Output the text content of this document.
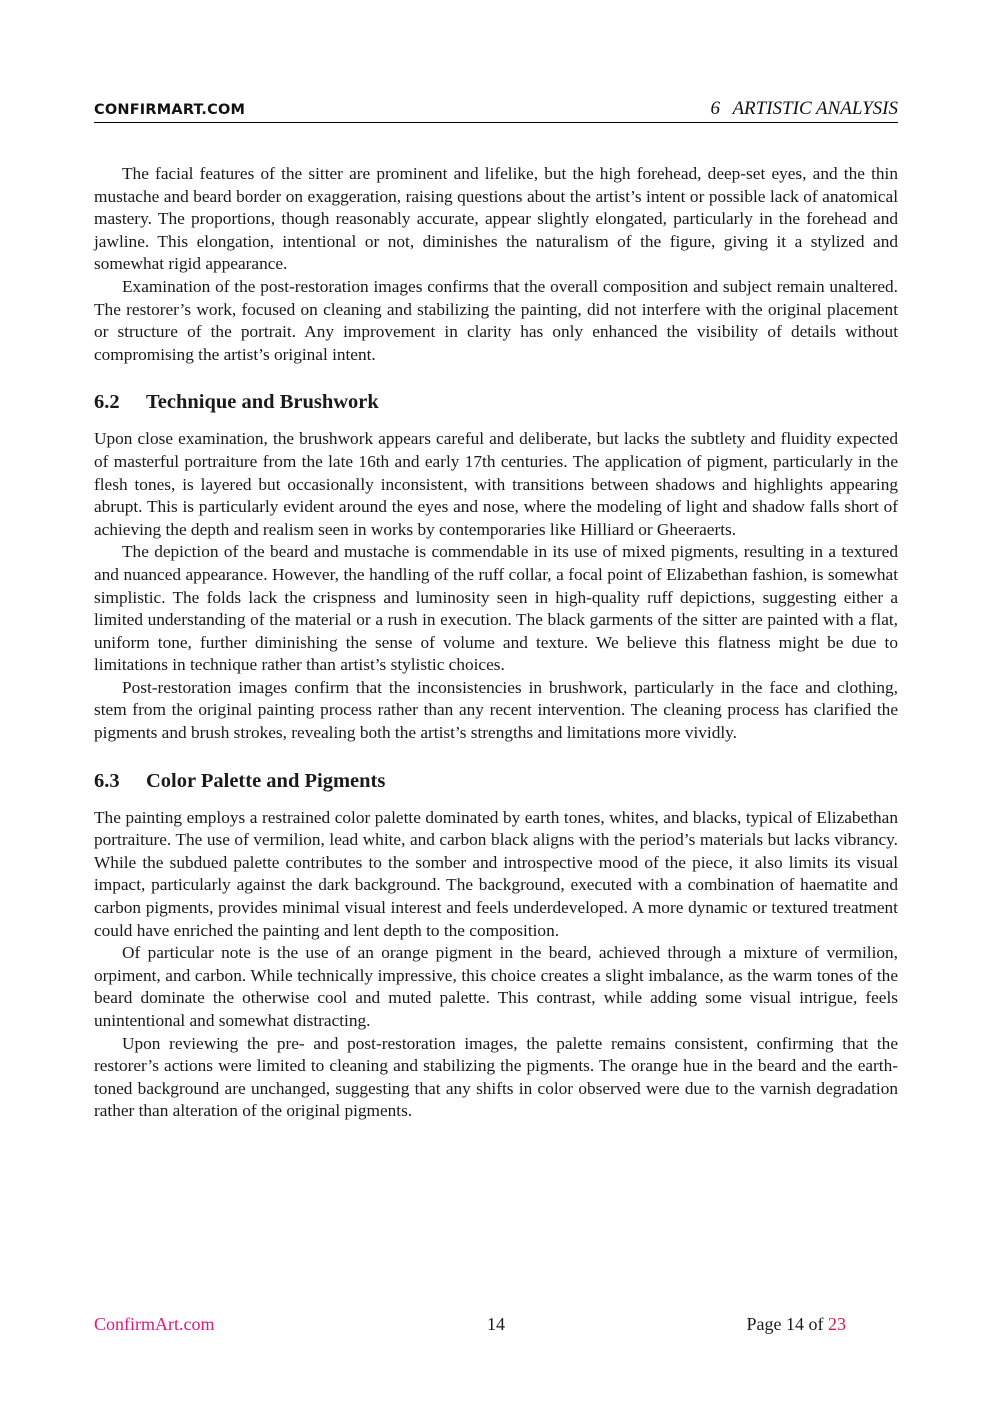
CONFIRMART.COM	6 ARTISTIC ANALYSIS

The facial features of the sitter are prominent and lifelike, but the high forehead, deep-set eyes, and the thin mustache and beard border on exaggeration, raising questions about the artist’s intent or possible lack of anatomical mastery. The proportions, though reasonably accurate, appear slightly elongated, particularly in the forehead and jawline. This elongation, intentional or not, diminishes the naturalism of the figure, giving it a stylized and somewhat rigid appearance.

Examination of the post-restoration images confirms that the overall composition and subject remain unaltered. The restorer’s work, focused on cleaning and stabilizing the painting, did not interfere with the original placement or structure of the portrait. Any improvement in clarity has only enhanced the visibility of details without compromising the artist’s original intent.

6.2 Technique and Brushwork

Upon close examination, the brushwork appears careful and deliberate, but lacks the subtlety and fluidity expected of masterful portraiture from the late 16th and early 17th centuries. The application of pigment, particularly in the flesh tones, is layered but occasionally inconsistent, with transitions between shadows and highlights appearing abrupt. This is particularly evident around the eyes and nose, where the modeling of light and shadow falls short of achieving the depth and realism seen in works by contemporaries like Hilliard or Gheeraerts.

The depiction of the beard and mustache is commendable in its use of mixed pigments, resulting in a textured and nuanced appearance. However, the handling of the ruff collar, a focal point of Elizabethan fashion, is somewhat simplistic. The folds lack the crispness and luminosity seen in high-quality ruff depictions, suggesting either a limited understanding of the material or a rush in execution. The black garments of the sitter are painted with a flat, uniform tone, further diminishing the sense of volume and texture. We believe this flatness might be due to limitations in technique rather than artist’s stylistic choices.

Post-restoration images confirm that the inconsistencies in brushwork, particularly in the face and clothing, stem from the original painting process rather than any recent intervention. The cleaning process has clarified the pigments and brush strokes, revealing both the artist’s strengths and limitations more vividly.

6.3 Color Palette and Pigments

The painting employs a restrained color palette dominated by earth tones, whites, and blacks, typical of Elizabethan portraiture. The use of vermilion, lead white, and carbon black aligns with the period’s materials but lacks vibrancy. While the subdued palette contributes to the somber and introspective mood of the piece, it also limits its visual impact, particularly against the dark background. The background, executed with a combination of haematite and carbon pigments, provides minimal visual interest and feels underdeveloped. A more dynamic or textured treatment could have enriched the painting and lent depth to the composition.

Of particular note is the use of an orange pigment in the beard, achieved through a mixture of vermilion, orpiment, and carbon. While technically impressive, this choice creates a slight imbalance, as the warm tones of the beard dominate the otherwise cool and muted palette. This contrast, while adding some visual intrigue, feels unintentional and somewhat distracting.

Upon reviewing the pre- and post-restoration images, the palette remains consistent, confirming that the restorer’s actions were limited to cleaning and stabilizing the pigments. The orange hue in the beard and the earth-toned background are unchanged, suggesting that any shifts in color observed were due to the varnish degradation rather than alteration of the original pigments.

ConfirmArt.com	14	Page 14 of 23
